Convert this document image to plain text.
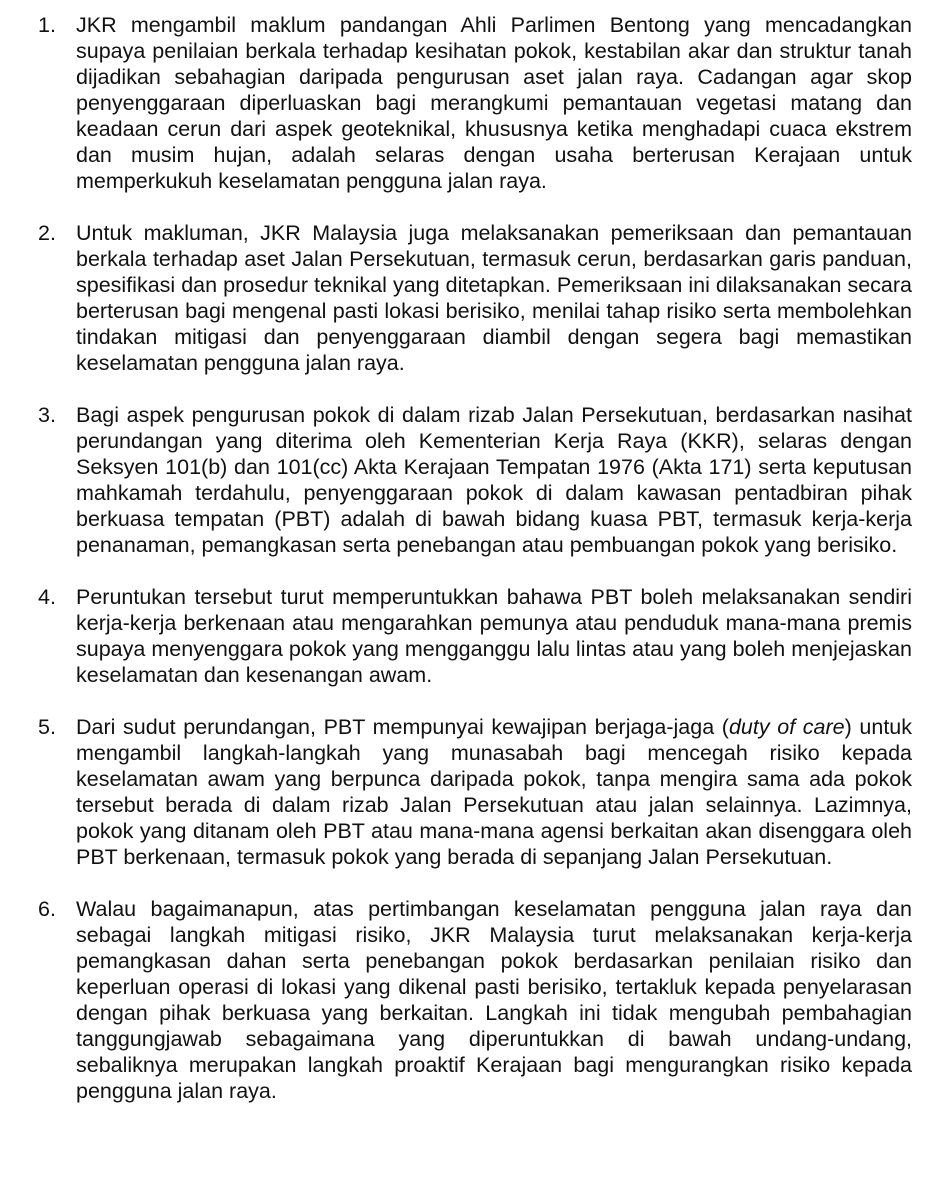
1. JKR mengambil maklum pandangan Ahli Parlimen Bentong yang mencadangkan supaya penilaian berkala terhadap kesihatan pokok, kestabilan akar dan struktur tanah dijadikan sebahagian daripada pengurusan aset jalan raya. Cadangan agar skop penyenggaraan diperluaskan bagi merangkumi pemantauan vegetasi matang dan keadaan cerun dari aspek geoteknikal, khususnya ketika menghadapi cuaca ekstrem dan musim hujan, adalah selaras dengan usaha berterusan Kerajaan untuk memperkukuh keselamatan pengguna jalan raya.
2. Untuk makluman, JKR Malaysia juga melaksanakan pemeriksaan dan pemantauan berkala terhadap aset Jalan Persekutuan, termasuk cerun, berdasarkan garis panduan, spesifikasi dan prosedur teknikal yang ditetapkan. Pemeriksaan ini dilaksanakan secara berterusan bagi mengenal pasti lokasi berisiko, menilai tahap risiko serta membolehkan tindakan mitigasi dan penyenggaraan diambil dengan segera bagi memastikan keselamatan pengguna jalan raya.
3. Bagi aspek pengurusan pokok di dalam rizab Jalan Persekutuan, berdasarkan nasihat perundangan yang diterima oleh Kementerian Kerja Raya (KKR), selaras dengan Seksyen 101(b) dan 101(cc) Akta Kerajaan Tempatan 1976 (Akta 171) serta keputusan mahkamah terdahulu, penyenggaraan pokok di dalam kawasan pentadbiran pihak berkuasa tempatan (PBT) adalah di bawah bidang kuasa PBT, termasuk kerja-kerja penanaman, pemangkasan serta penebangan atau pembuangan pokok yang berisiko.
4. Peruntukan tersebut turut memperuntukkan bahawa PBT boleh melaksanakan sendiri kerja-kerja berkenaan atau mengarahkan pemunya atau penduduk mana-mana premis supaya menyenggara pokok yang mengganggu lalu lintas atau yang boleh menjejaskan keselamatan dan kesenangan awam.
5. Dari sudut perundangan, PBT mempunyai kewajipan berjaga-jaga (duty of care) untuk mengambil langkah-langkah yang munasabah bagi mencegah risiko kepada keselamatan awam yang berpunca daripada pokok, tanpa mengira sama ada pokok tersebut berada di dalam rizab Jalan Persekutuan atau jalan selainnya. Lazimnya, pokok yang ditanam oleh PBT atau mana-mana agensi berkaitan akan disenggara oleh PBT berkenaan, termasuk pokok yang berada di sepanjang Jalan Persekutuan.
6. Walau bagaimanapun, atas pertimbangan keselamatan pengguna jalan raya dan sebagai langkah mitigasi risiko, JKR Malaysia turut melaksanakan kerja-kerja pemangkasan dahan serta penebangan pokok berdasarkan penilaian risiko dan keperluan operasi di lokasi yang dikenal pasti berisiko, tertakluk kepada penyelarasan dengan pihak berkuasa yang berkaitan. Langkah ini tidak mengubah pembahagian tanggungjawab sebagaimana yang diperuntukkan di bawah undang-undang, sebaliknya merupakan langkah proaktif Kerajaan bagi mengurangkan risiko kepada pengguna jalan raya.
